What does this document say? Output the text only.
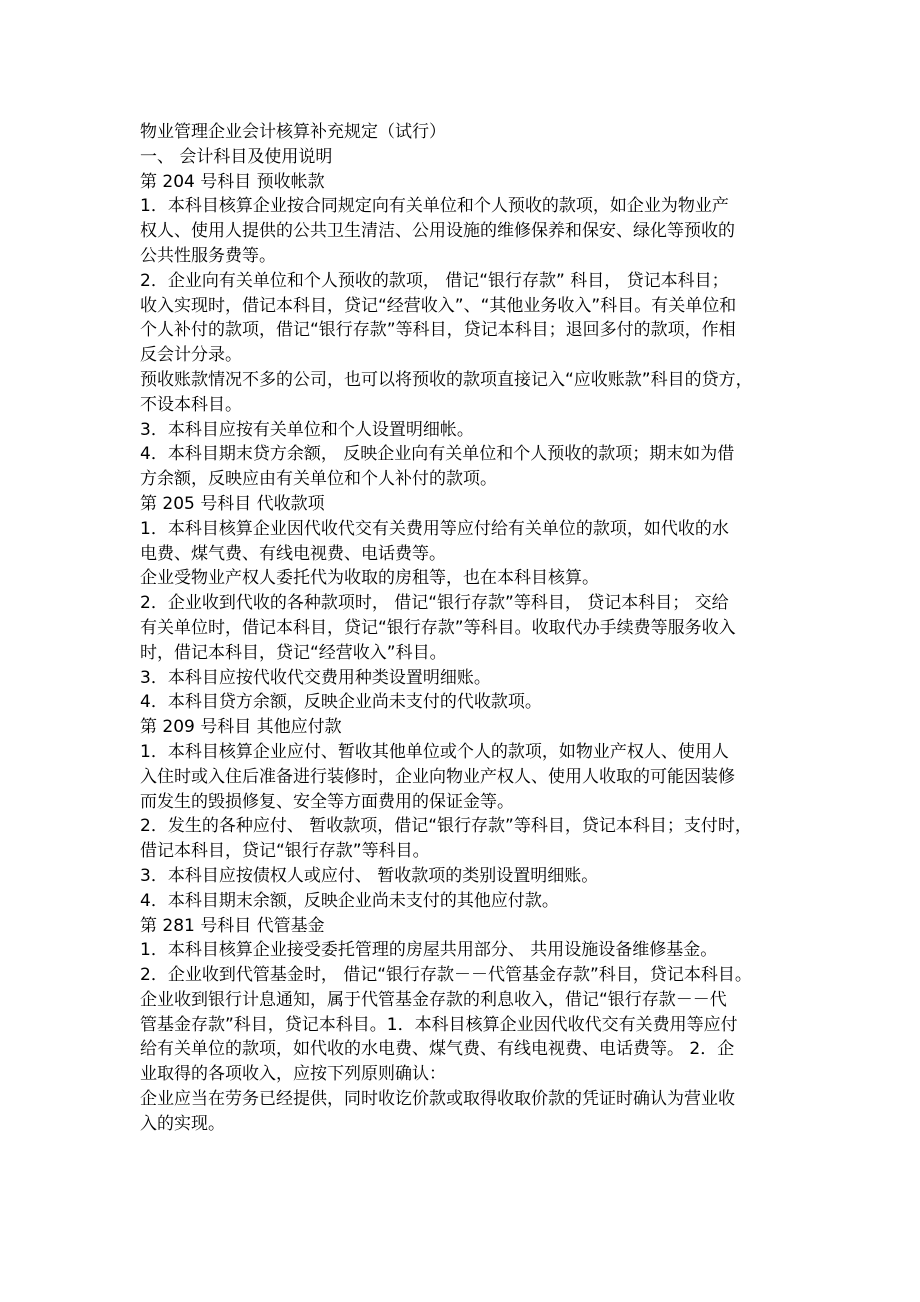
物业管理企业会计核算补充规定（试行）
一、 会计科目及使用说明
第 204 号科目 预收帐款
1．本科目核算企业按合同规定向有关单位和个人预收的款项，如企业为物业产
权人、使用人提供的公共卫生清洁、公用设施的维修保养和保安、绿化等预收的
公共性服务费等。
2．企业向有关单位和个人预收的款项， 借记“银行存款” 科目， 贷记本科目；
收入实现时，借记本科目，贷记“经营收入”、“其他业务收入”科目。有关单位和
个人补付的款项，借记“银行存款”等科目，贷记本科目；退回多付的款项，作相
反会计分录。
预收账款情况不多的公司，也可以将预收的款项直接记入“应收账款”科目的贷方，
不设本科目。
3．本科目应按有关单位和个人设置明细帐。
4．本科目期末贷方余额， 反映企业向有关单位和个人预收的款项；期末如为借
方余额，反映应由有关单位和个人补付的款项。
第 205 号科目 代收款项
1．本科目核算企业因代收代交有关费用等应付给有关单位的款项，如代收的水
电费、煤气费、有线电视费、电话费等。
企业受物业产权人委托代为收取的房租等，也在本科目核算。
2．企业收到代收的各种款项时， 借记“银行存款”等科目， 贷记本科目； 交给
有关单位时，借记本科目，贷记“银行存款”等科目。收取代办手续费等服务收入
时，借记本科目，贷记“经营收入”科目。
3．本科目应按代收代交费用种类设置明细账。
4．本科目贷方余额，反映企业尚未支付的代收款项。
第 209 号科目 其他应付款
1．本科目核算企业应付、暂收其他单位或个人的款项，如物业产权人、使用人
入住时或入住后准备进行装修时，企业向物业产权人、使用人收取的可能因装修
而发生的毁损修复、安全等方面费用的保证金等。
2．发生的各种应付、 暂收款项，借记“银行存款”等科目，贷记本科目；支付时，
借记本科目，贷记“银行存款”等科目。
3．本科目应按债权人或应付、 暂收款项的类别设置明细账。
4．本科目期末余额，反映企业尚未支付的其他应付款。
第 281 号科目 代管基金
1．本科目核算企业接受委托管理的房屋共用部分、 共用设施设备维修基金。
2．企业收到代管基金时， 借记“银行存款－－代管基金存款”科目，贷记本科目。
企业收到银行计息通知，属于代管基金存款的利息收入，借记“银行存款－－代
管基金存款”科目，贷记本科目。1．本科目核算企业因代收代交有关费用等应付
给有关单位的款项，如代收的水电费、煤气费、有线电视费、电话费等。 2．企
业取得的各项收入，应按下列原则确认：
企业应当在劳务已经提供，同时收讫价款或取得收取价款的凭证时确认为营业收
入的实现。
